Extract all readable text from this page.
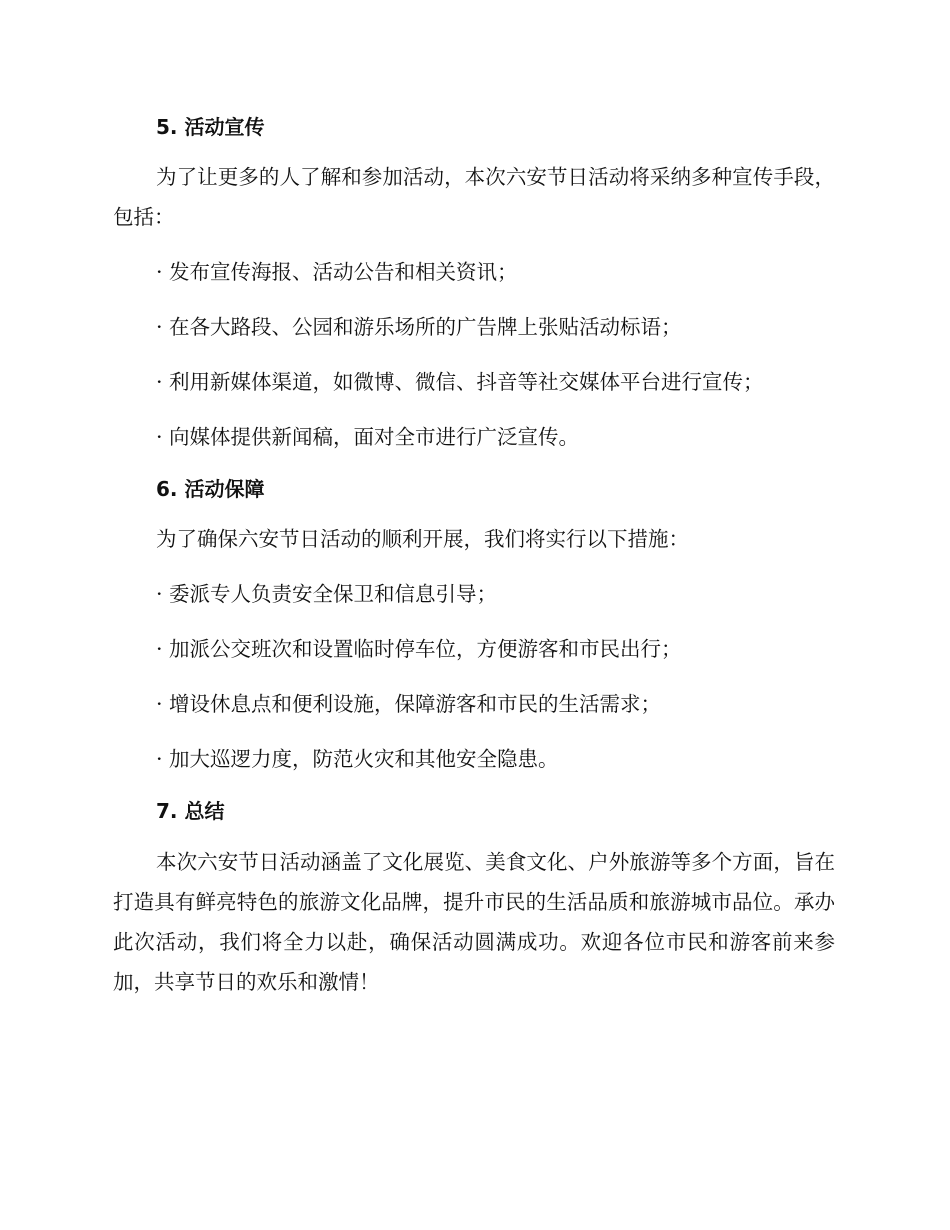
5. 活动宣传

为了让更多的人了解和参加活动，本次六安节日活动将采纳多种宣传手段，包括：

· 发布宣传海报、活动公告和相关资讯；

· 在各大路段、公园和游乐场所的广告牌上张贴活动标语；

· 利用新媒体渠道，如微博、微信、抖音等社交媒体平台进行宣传；

· 向媒体提供新闻稿，面对全市进行广泛宣传。

6. 活动保障

为了确保六安节日活动的顺利开展，我们将实行以下措施：

· 委派专人负责安全保卫和信息引导；

· 加派公交班次和设置临时停车位，方便游客和市民出行；

· 增设休息点和便利设施，保障游客和市民的生活需求；

· 加大巡逻力度，防范火灾和其他安全隐患。

7. 总结

本次六安节日活动涵盖了文化展览、美食文化、户外旅游等多个方面，旨在打造具有鲜亮特色的旅游文化品牌，提升市民的生活品质和旅游城市品位。承办此次活动，我们将全力以赴，确保活动圆满成功。欢迎各位市民和游客前来参加，共享节日的欢乐和激情！
